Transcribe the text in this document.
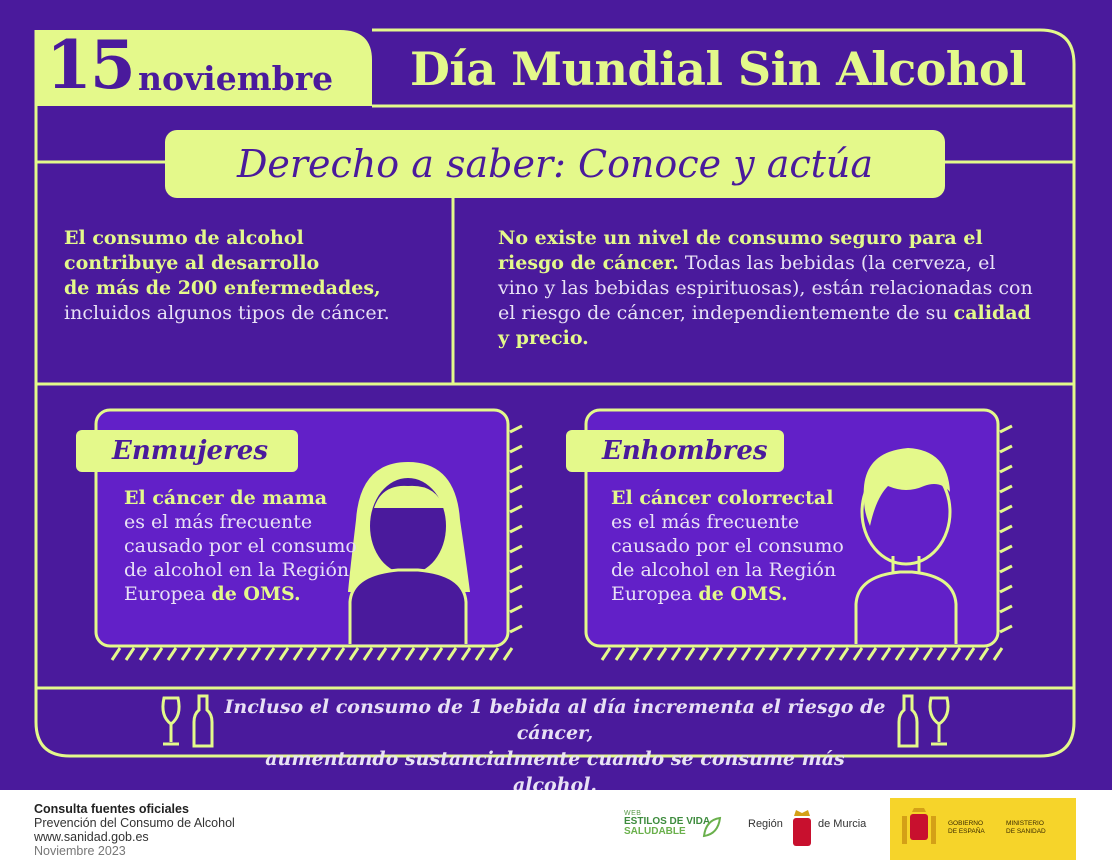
15 noviembre Día Mundial Sin Alcohol
Derecho a saber: Conoce y actúa
El consumo de alcohol
contribuye al desarrollo
de más de 200 enfermedades,
incluidos algunos tipos de cáncer.
No existe un nivel de consumo seguro para el riesgo de cáncer. Todas las bebidas (la cerveza, el vino y las bebidas espirituosas), están relacionadas con el riesgo de cáncer, independientemente de su calidad y precio.
En mujeres
El cáncer de mama
es el más frecuente causado por el consumo de alcohol en la Región Europea de OMS.
En hombres
El cáncer colorrectal
es el más frecuente causado por el consumo de alcohol en la Región Europea de OMS.
Incluso el consumo de 1 bebida al día incrementa el riesgo de cáncer,
aumentando sustancialmente cuando se consume más alcohol.
Consulta fuentes oficiales
Prevención del Consumo de Alcohol
www.sanidad.gob.es
Noviembre 2023
WEB
ESTILOS DE VIDA
SALUDABLE
Región	de Murcia	GOBIERNO
DE ESPAÑA
MINISTERIO
DE SANIDAD
